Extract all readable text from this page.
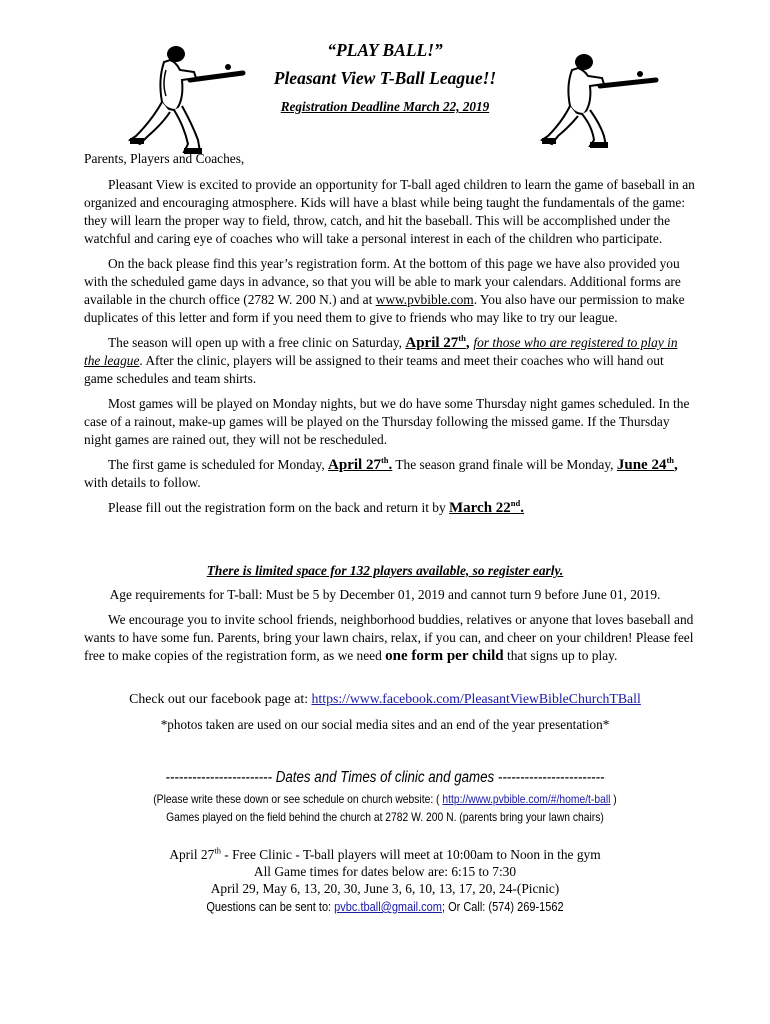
“PLAY BALL!”
Pleasant View T-Ball League!!
Registration Deadline March 22, 2019
Parents, Players and Coaches,

Pleasant View is excited to provide an opportunity for T-ball aged children to learn the game of baseball in an organized and encouraging atmosphere. Kids will have a blast while being taught the fundamentals of the game: they will learn the proper way to field, throw, catch, and hit the baseball. This will be accomplished under the watchful and caring eye of coaches who will take a personal interest in each of the children who participate.

On the back please find this year’s registration form. At the bottom of this page we have also provided you with the scheduled game days in advance, so that you will be able to mark your calendars. Additional forms are available in the church office (2782 W. 200 N.) and at www.pvbible.com. You also have our permission to make duplicates of this letter and form if you need them to give to friends who may like to try our league.

The season will open up with a free clinic on Saturday, April 27th, for those who are registered to play in the league. After the clinic, players will be assigned to their teams and meet their coaches who will hand out game schedules and team shirts.

Most games will be played on Monday nights, but we do have some Thursday night games scheduled. In the case of a rainout, make-up games will be played on the Thursday following the missed game. If the Thursday night games are rained out, they will not be rescheduled.

The first game is scheduled for Monday, April 27th. The season grand finale will be Monday, June 24th, with details to follow.

Please fill out the registration form on the back and return it by March 22nd.

There is limited space for 132 players available, so register early.
Age requirements for T-ball: Must be 5 by December 01, 2019 and cannot turn 9 before June 01, 2019.

We encourage you to invite school friends, neighborhood buddies, relatives or anyone that loves baseball and wants to have some fun. Parents, bring your lawn chairs, relax, if you can, and cheer on your children! Please feel free to make copies of the registration form, as we need one form per child that signs up to play.

Check out our facebook page at: https://www.facebook.com/PleasantViewBibleChurchTBall
*photos taken are used on our social media sites and an end of the year presentation*
------------------------ Dates and Times of clinic and games ------------------------
(Please write these down or see schedule on church website: ( http://www.pvbible.com/#/home/t-ball )
Games played on the field behind the church at 2782 W. 200 N. (parents bring your lawn chairs)
April 27th - Free Clinic - T-ball players will meet at 10:00am to Noon in the gym
All Game times for dates below are: 6:15 to 7:30
April 29, May 6, 13, 20, 30, June 3, 6, 10, 13, 17, 20, 24-(Picnic)
Questions can be sent to: pvbc.tball@gmail.com; Or Call: (574) 269-1562
